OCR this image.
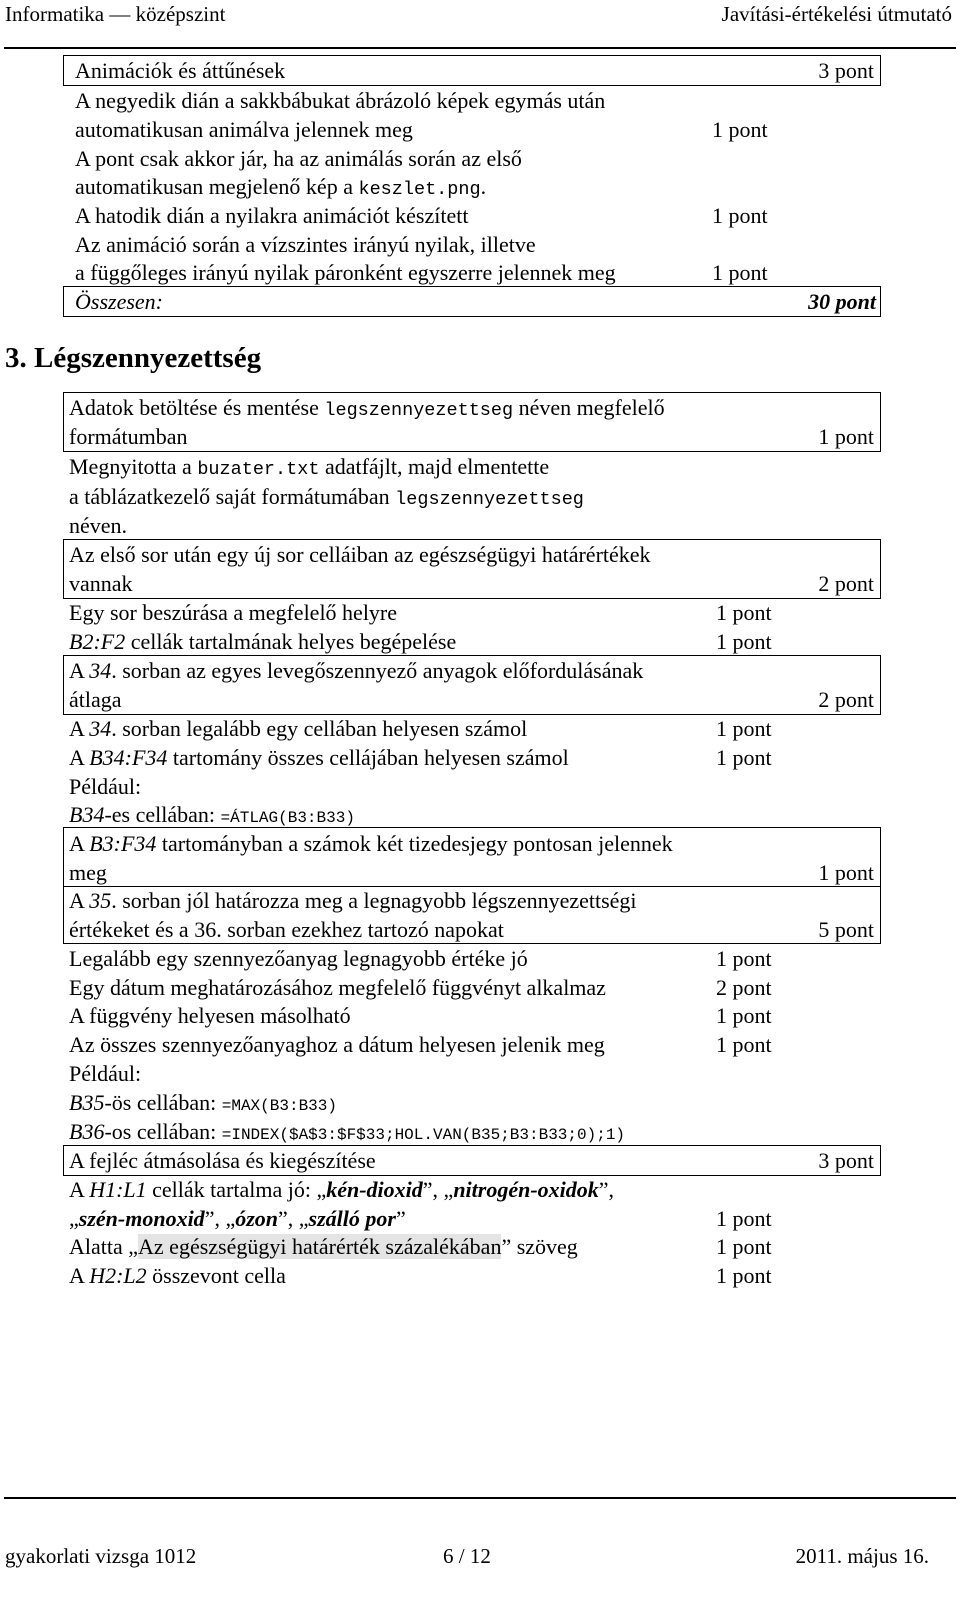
Informatika — középszint	Javítási-értékelési útmutató
Animációk és áttűnések	3 pont
A negyedik dián a sakkbábukat ábrázoló képek egymás után
automatikusan animálva jelennek meg	1 pont
A pont csak akkor jár, ha az animálás során az első
automatikusan megjelenő kép a keszlet.png.
A hatodik dián a nyilakra animációt készített	1 pont
Az animáció során a vízszintes irányú nyilak, illetve
a függőleges irányú nyilak páronként egyszerre jelennek meg	1 pont
Összesen:	30 pont
3. Légszennyezettség
Adatok betöltése és mentése legszennyezettseg néven megfelelő
formátumban	1 pont
Megnyitotta a buzater.txt adatfájlt, majd elmentette
a táblázatkezelő saját formátumában legszennyezettseg
néven.
Az első sor után egy új sor celláiban az egészségügyi határértékek
vannak	2 pont
Egy sor beszúrása a megfelelő helyre	1 pont
B2:F2 cellák tartalmának helyes begépelése	1 pont
A 34. sorban az egyes levegőszennyező anyagok előfordulásának
átlaga	2 pont
A 34. sorban legalább egy cellában helyesen számol	1 pont
A B34:F34 tartomány összes cellájában helyesen számol	1 pont
Például:
B34-es cellában: =ÁTLAG(B3:B33)
A B3:F34 tartományban a számok két tizedesjegy pontosan jelennek
meg	1 pont
A 35. sorban jól határozza meg a legnagyobb légszennyezettségi
értékeket és a 36. sorban ezekhez tartozó napokat	5 pont
Legalább egy szennyezőanyag legnagyobb értéke jó	1 pont
Egy dátum meghatározásához megfelelő függvényt alkalmaz	2 pont
A függvény helyesen másolható	1 pont
Az összes szennyezőanyaghoz a dátum helyesen jelenik meg	1 pont
Például:
B35-ös cellában: =MAX(B3:B33)
B36-os cellában: =INDEX($A$3:$F$33;HOL.VAN(B35;B3:B33;0);1)
A fejléc átmásolása és kiegészítése	3 pont
A H1:L1 cellák tartalma jó: „kén-dioxid”, „nitrogén-oxidok”,
„szén-monoxid”, „ózon”, „szálló por”	1 pont
Alatta „Az egészségügyi határérték százalékában” szöveg	1 pont
A H2:L2 összevont cella	1 pont
gyakorlati vizsga 1012	6 / 12	2011. május 16.
